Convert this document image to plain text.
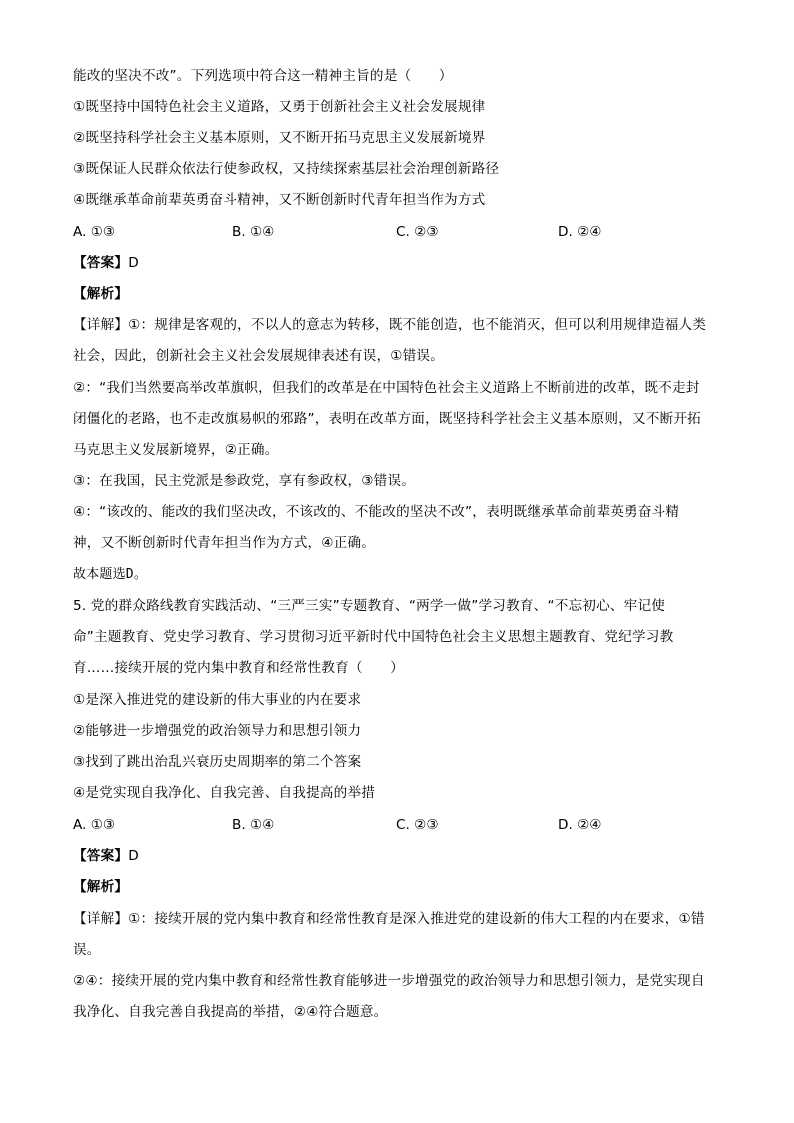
能改的坚决不改”。下列选项中符合这一精神主旨的是（　　）
①既坚持中国特色社会主义道路，又勇于创新社会主义社会发展规律
②既坚持科学社会主义基本原则，又不断开拓马克思主义发展新境界
③既保证人民群众依法行使参政权，又持续探索基层社会治理创新路径
④既继承革命前辈英勇奋斗精神，又不断创新时代青年担当作为方式
A. ①③	B. ①④	C. ②③	D. ②④
【答案】D
【解析】
【详解】①：规律是客观的，不以人的意志为转移，既不能创造，也不能消灭，但可以利用规律造福人类
社会，因此，创新社会主义社会发展规律表述有误，①错误。
②：“我们当然要高举改革旗帜，但我们的改革是在中国特色社会主义道路上不断前进的改革，既不走封
闭僵化的老路，也不走改旗易帜的邪路”，表明在改革方面，既坚持科学社会主义基本原则，又不断开拓
马克思主义发展新境界，②正确。
③：在我国，民主党派是参政党，享有参政权，③错误。
④：“该改的、能改的我们坚决改，不该改的、不能改的坚决不改”，表明既继承革命前辈英勇奋斗精
神，又不断创新时代青年担当作为方式，④正确。
故本题选D。
5. 党的群众路线教育实践活动、“三严三实”专题教育、“两学一做”学习教育、“不忘初心、牢记使
命”主题教育、党史学习教育、学习贯彻习近平新时代中国特色社会主义思想主题教育、党纪学习教
育……接续开展的党内集中教育和经常性教育（　　）
①是深入推进党的建设新的伟大事业的内在要求
②能够进一步增强党的政治领导力和思想引领力
③找到了跳出治乱兴衰历史周期率的第二个答案
④是党实现自我净化、自我完善、自我提高的举措
A. ①③	B. ①④	C. ②③	D. ②④
【答案】D
【解析】
【详解】①：接续开展的党内集中教育和经常性教育是深入推进党的建设新的伟大工程的内在要求，①错
误。
②④：接续开展的党内集中教育和经常性教育能够进一步增强党的政治领导力和思想引领力，是党实现自
我净化、自我完善自我提高的举措，②④符合题意。
